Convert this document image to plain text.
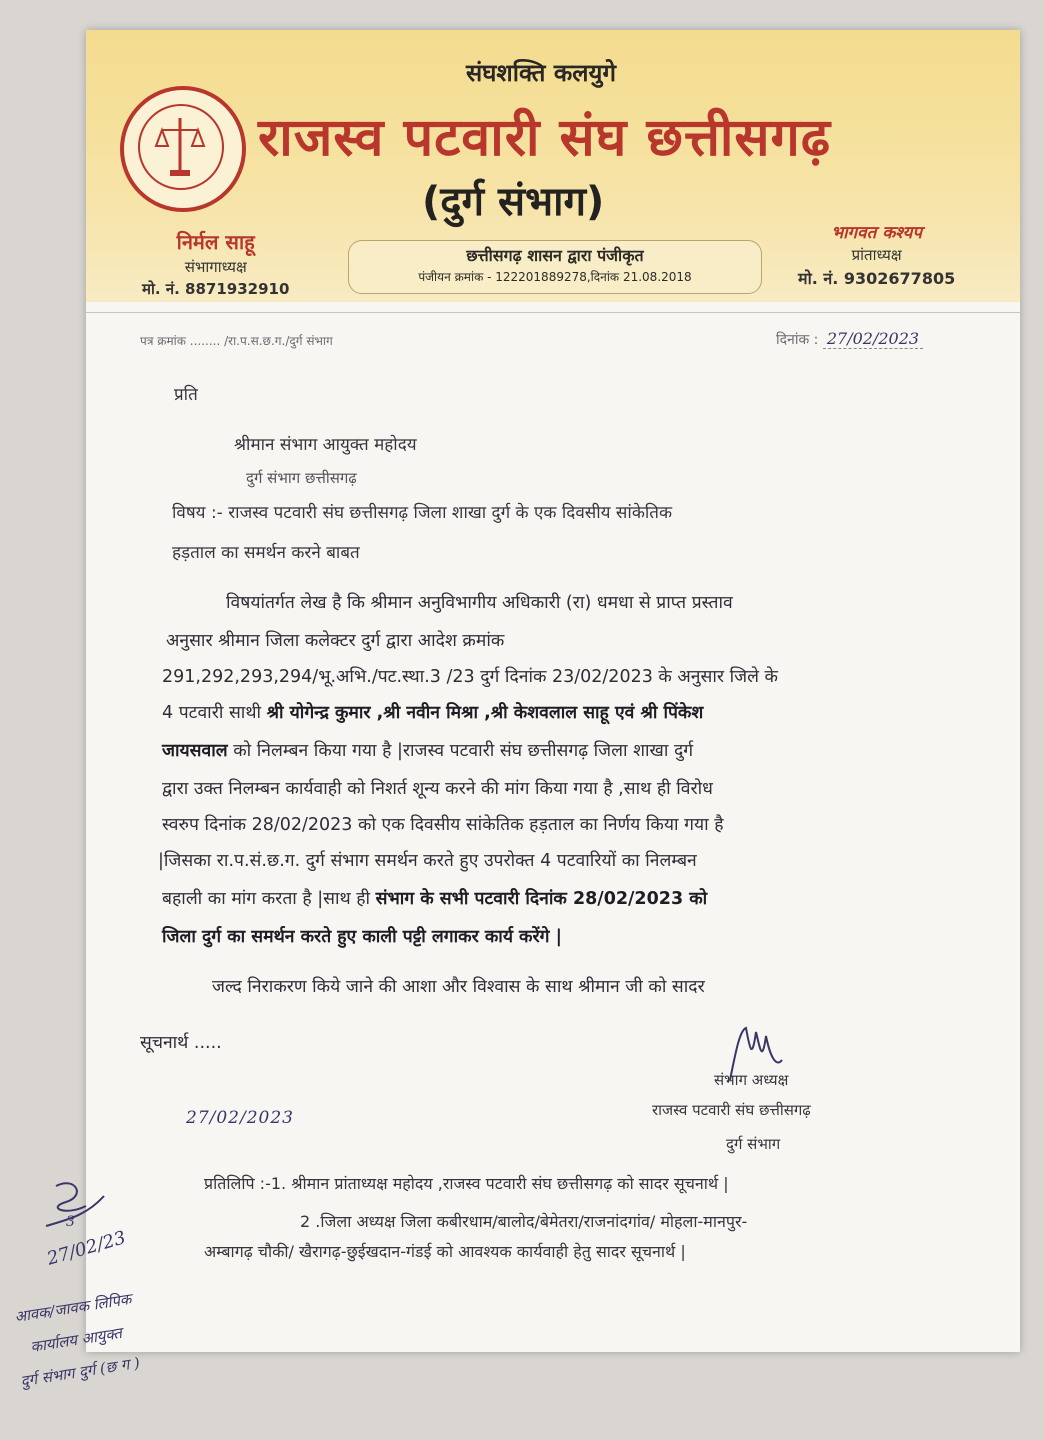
संघशक्ति कलयुगे
राजस्व पटवारी संघ छत्तीसगढ़
(दुर्ग संभाग)
निर्मल साहू
संभागाध्यक्ष
मो. नं. 8871932910
छत्तीसगढ़ शासन द्वारा पंजीकृत
पंजीयन क्रमांक - 122201889278,दिनांक 21.08.2018
भागवत कश्यप
प्रांताध्यक्ष
मो. नं. 9302677805
पत्र क्रमांक ........ /रा.प.स.छ.ग./दुर्ग संभाग	दिनांक : 27/02/2023
प्रति
श्रीमान संभाग आयुक्त महोदय
दुर्ग संभाग छत्तीसगढ़
विषय :- राजस्व पटवारी संघ छत्तीसगढ़ जिला शाखा दुर्ग के एक दिवसीय सांकेतिक
हड़ताल का समर्थन करने बाबत
विषयांतर्गत लेख है कि श्रीमान अनुविभागीय अधिकारी (रा) धमधा से प्राप्त प्रस्ताव
अनुसार श्रीमान जिला कलेक्टर दुर्ग द्वारा आदेश क्रमांक
291,292,293,294/भू.अभि./पट.स्था.3 /23 दुर्ग दिनांक 23/02/2023 के अनुसार जिले के
4 पटवारी साथी श्री योगेन्द्र कुमार ,श्री नवीन मिश्रा ,श्री केशवलाल साहू एवं श्री पिंकेश
जायसवाल को निलम्बन किया गया है |राजस्व पटवारी संघ छत्तीसगढ़ जिला शाखा दुर्ग
द्वारा उक्त निलम्बन कार्यवाही को निशर्त शून्य करने की मांग किया गया है ,साथ ही विरोध
स्वरुप दिनांक 28/02/2023 को एक दिवसीय सांकेतिक हड़ताल का निर्णय किया गया है
|जिसका रा.प.सं.छ.ग. दुर्ग संभाग समर्थन करते हुए उपरोक्त 4 पटवारियों का निलम्बन
बहाली का मांग करता है |साथ ही संभाग के सभी पटवारी दिनांक 28/02/2023 को
जिला दुर्ग का समर्थन करते हुए काली पट्टी लगाकर कार्य करेंगे |
जल्द निराकरण किये जाने की आशा और विश्वास के साथ श्रीमान जी को सादर
सूचनार्थ .....
संभाग अध्यक्ष
राजस्व पटवारी संघ छत्तीसगढ़
दुर्ग संभाग
27/02/2023
प्रतिलिपि :-1. श्रीमान प्रांताध्यक्ष महोदय ,राजस्व पटवारी संघ छत्तीसगढ़ को सादर सूचनार्थ |
2 .जिला अध्यक्ष जिला कबीरधाम/बालोद/बेमेतरा/राजनांदगांव/ मोहला-मानपुर-
अम्बागढ़ चौकी/ खैरागढ़-छुईखदान-गंडई को आवश्यक कार्यवाही हेतु सादर सूचनार्थ |
3
27/02/23
आवक/जावक लिपिक
कार्यालय आयुक्त
दुर्ग संभाग दुर्ग (छ ग )
